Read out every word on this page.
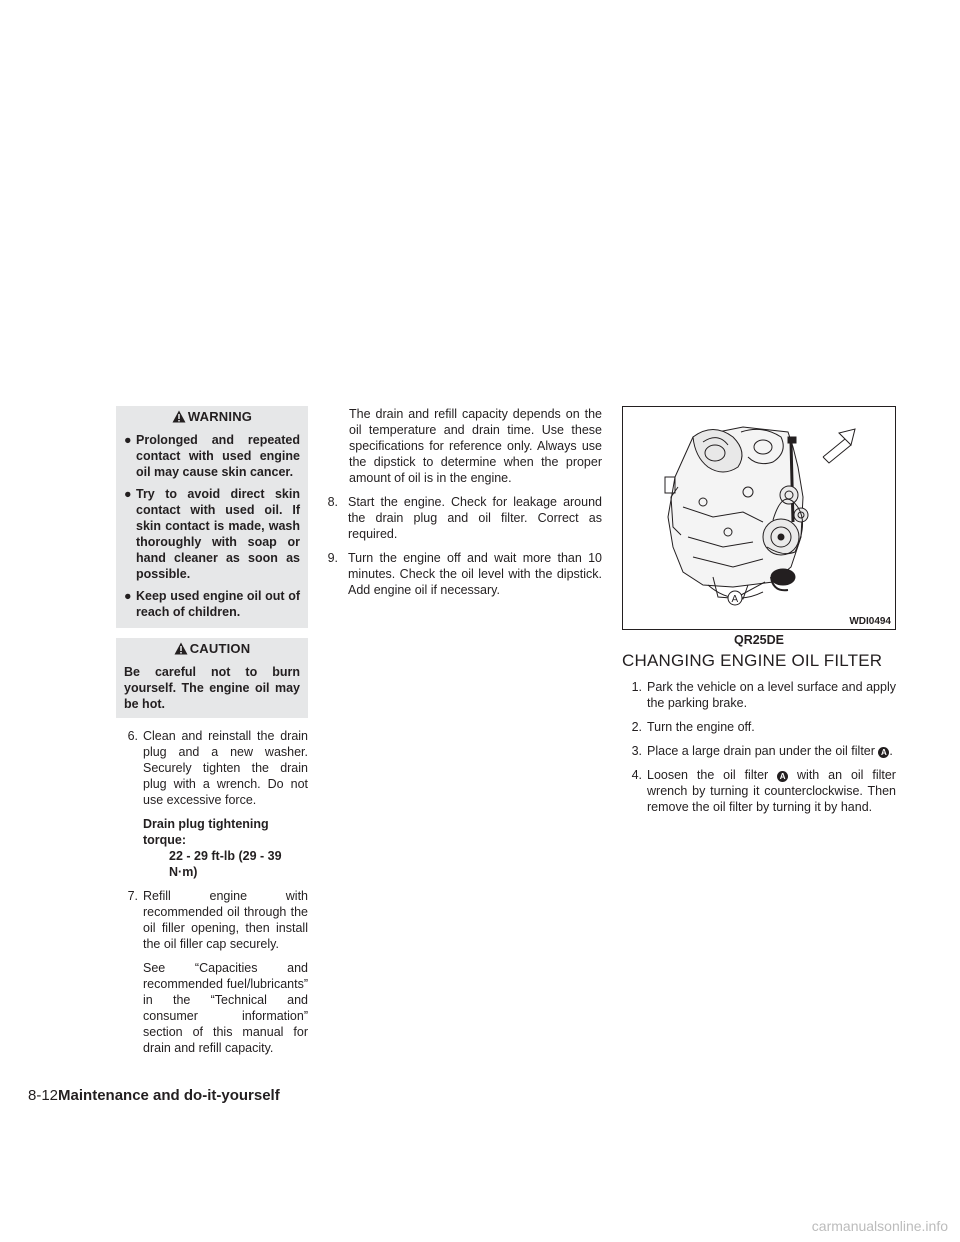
WARNING
● Prolonged and repeated contact with used engine oil may cause skin cancer.
● Try to avoid direct skin contact with used oil. If skin contact is made, wash thoroughly with soap or hand cleaner as soon as possible.
● Keep used engine oil out of reach of children.
CAUTION
Be careful not to burn yourself. The engine oil may be hot.
6. Clean and reinstall the drain plug and a new washer. Securely tighten the drain plug with a wrench. Do not use excessive force.
Drain plug tightening torque:
22 - 29 ft-lb (29 - 39 N·m)
7. Refill engine with recommended oil through the oil filler opening, then install the oil filler cap securely.
See “Capacities and recommended fuel/lubricants” in the “Technical and consumer information” section of this manual for drain and refill capacity.
The drain and refill capacity depends on the oil temperature and drain time. Use these specifications for reference only. Always use the dipstick to determine when the proper amount of oil is in the engine.
8. Start the engine. Check for leakage around the drain plug and oil filter. Correct as required.
9. Turn the engine off and wait more than 10 minutes. Check the oil level with the dipstick. Add engine oil if necessary.
A
WDI0494
QR25DE
CHANGING ENGINE OIL FILTER
1. Park the vehicle on a level surface and apply the parking brake.
2. Turn the engine off.
3. Place a large drain pan under the oil filter A .
4. Loosen the oil filter A with an oil filter wrench by turning it counterclockwise. Then remove the oil filter by turning it by hand.
8-12Maintenance and do-it-yourself
carmanualsonline.info
